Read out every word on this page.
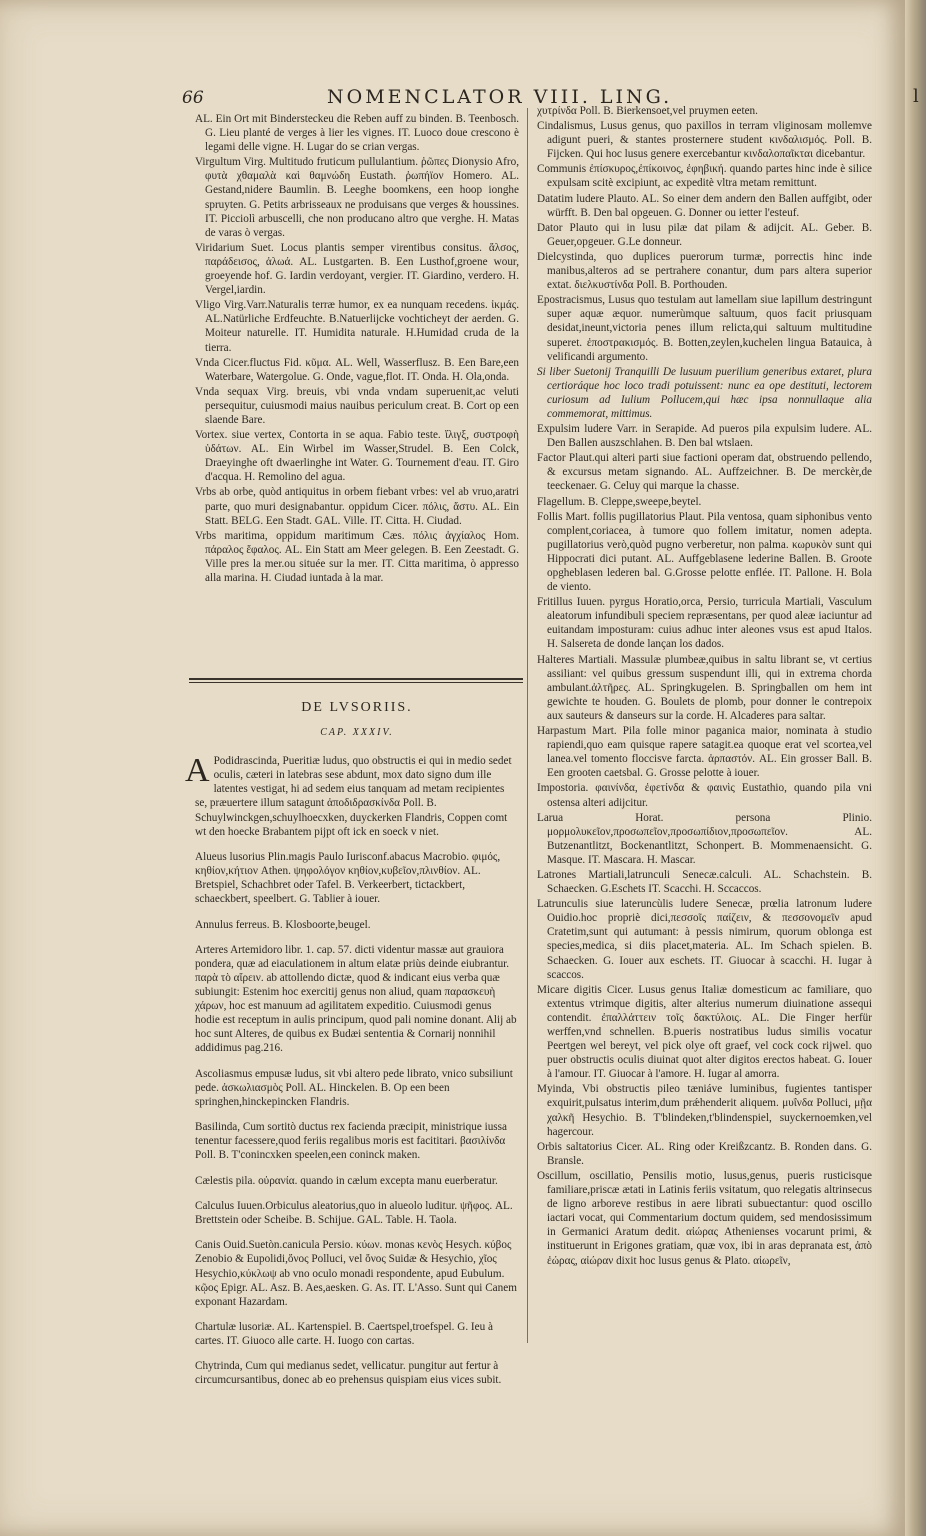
l
66	NOMENCLATOR VIII. LING.

AL. Ein Ort mit Bindersteckeu die Reben auff zu binden. B. Teenbosch. G. Lieu planté de verges à lier les vignes. IT. Luoco doue crescono è legami delle vigne. H. Lugar do se crian vergas.

Virgultum Virg. Multitudo fruticum pullulantium. ῥῶπες Dionysio Afro, φυτὰ χθαμαλὰ καὶ θαμνώδη Eustath. ῥωπήϊον Homero. AL. Gestand,nidere Baumlin. B. Leeghe boomkens, een hoop ionghe spruyten. G. Petits arbrisseaux ne produisans que verges & houssines. IT. Picciolì arbuscelli, che non producano altro que verghe. H. Matas de varas ò vergas.

Viridarium Suet. Locus plantis semper virentibus consitus. ἄλσος, παράδεισος, ἀλωά. AL. Lustgarten. B. Een Lusthof,groene wour, groeyende hof. G. Iardin verdoyant, vergier. IT. Giardino, verdero. H. Vergel,iardin.

Vligo Virg.Varr.Naturalis terræ humor, ex ea nunquam recedens. ἰκμάς. AL.Natürliche Erdfeuchte. B.Natuerlijcke vochticheyt der aerden. G. Moiteur naturelle. IT. Humidita naturale. H.Humidad cruda de la tierra.

Vnda Cicer.fluctus Fid. κῦμα. AL. Well, Wasserflusz. B. Een Bare,een Waterbare, Watergolue. G. Onde, vague,flot. IT. Onda. H. Ola,onda.

Vnda sequax Virg. breuis, vbi vnda vndam superuenit,ac veluti persequitur, cuiusmodi maius nauibus periculum creat. B. Cort op een slaende Bare.

Vortex. siue vertex, Contorta in se aqua. Fabio teste. ἴλιγξ, συστροφὴ ὑδάτων. AL. Ein Wirbel im Wasser,Strudel. B. Een Colck, Draeyinghe oft dwaerlinghe int Water. G. Tournement d'eau. IT. Giro d'acqua. H. Remolino del agua.

Vrbs ab orbe, quòd antiquitus in orbem fiebant vrbes: vel ab vruo,aratri parte, quo muri designabantur. oppidum Cicer. πόλις, ἄστυ. AL. Ein Statt. BELG. Een Stadt. GAL. Ville. IT. Citta. H. Ciudad.

Vrbs maritima, oppidum maritimum Cæs. πόλις ἀγχίαλος Hom. πάραλος ἔφαλος. AL. Ein Statt am Meer gelegen. B. Een Zeestadt. G. Ville pres la mer.ou située sur la mer. IT. Citta maritima, ò appresso alla marina. H. Ciudad iuntada à la mar.

DE LVSORIIS.
CAP. XXXIV.

A Podidrascinda, Pueritiæ ludus, quo obstructis ei qui in medio sedet oculis, cæteri in latebras sese abdunt, mox dato signo dum ille latentes vestigat, hi ad sedem eius tanquam ad metam recipientes se, præuertere illum satagunt ἀποδιδρασκίνδα Poll. B. Schuylwinckgen,schuylhoecxken, duyckerken Flandris, Coppen comt wt den hoecke Brabantem pijpt oft ick en soeck v niet.

Alueus lusorius Plin.magis Paulo Iurisconf.abacus Macrobio. φιμός, κηθίον,κήτιον Athen. ψηφολόγον κηθίον,κυβεῖον,πλινθίον. AL. Bretspiel, Schachbret oder Tafel. B. Verkeerbert, tictackbert, schaeckbert, speelbert. G. Tablier à iouer.

Annulus ferreus. B. Klosboorte,beugel.

Arteres Artemidoro libr. 1. cap. 57. dicti videntur massæ aut grauiora pondera, quæ ad eiaculationem in altum elatæ priùs deinde eiubrantur. παρὰ τὸ αἴρειν. ab attollendo dictæ, quod & indicant eius verba quæ subiungit: Estenim hoc exercitij genus non aliud, quam παρασκευὴ χάρων, hoc est manuum ad agilitatem expeditio. Cuiusmodi genus hodie est receptum in aulis principum, quod pali nomine donant. Alij ab hoc sunt Alteres, de quibus ex Budæi sententia & Cornarij nonnihil addidimus pag.216.

Ascoliasmus empusæ ludus, sit vbi altero pede librato, vnico subsiliunt pede. ἀσκωλιασμὸς Poll. AL. Hinckelen. B. Op een been springhen,hinckepincken Flandris.

Basilinda, Cum sortitò ductus rex facienda præcipit, ministrique iussa tenentur facessere,quod feriis regalibus moris est facititari. βασιλίνδα Poll. B. T'conincxken speelen,een coninck maken.

Cælestis pila. οὐρανία. quando in cælum excepta manu euerberatur.

Calculus Iuuen.Orbiculus aleatorius,quo in alueolo luditur. ψῆφος. AL. Brettstein oder Scheibe. B. Schijue. GAL. Table. H. Taola.

Canis Ouid.Suetòn.canicula Persio. κύων. monas κενὸς Hesych. κύβος Zenobio & Eupolidi,ὄνος Polluci, vel ὄνος Suidæ & Hesychio, χῖος Hesychio,κύκλωψ ab vno oculo monadi respondente, apud Eubulum. κῷος Epigr. AL. Asz. B. Aes,aesken. G. As. IT. L'Asso. Sunt qui Canem exponant Hazardam.

Chartulæ lusoriæ. AL. Kartenspiel. B. Caertspel,troefspel. G. Ieu à cartes. IT. Giuoco alle carte. H. Iuogo con cartas.

Chytrinda, Cum qui medianus sedet, vellicatur. pungitur aut fertur à circumcursantibus, donec ab eo prehensus quispiam eius vices subit.

χυτρίνδα Poll. B. Bierkensoet,vel pruymen eeten.

Cindalismus, Lusus genus, quo paxillos in terram vliginosam mollemve adigunt pueri, & stantes prosternere student κινδαλισμός. Poll. B. Fijcken. Qui hoc lusus genere exercebantur κινδαλοπαῖκται dicebantur.

Communis ἐπίσκυρος,ἐπίκοινος, ἐφηβική. quando partes hinc inde è silice expulsam scitè excipiunt, ac expeditè vltra metam remittunt.

Datatim ludere Plauto. AL. So einer dem andern den Ballen auffgibt, oder würfft. B. Den bal opgeuen. G. Donner ou ietter l'esteuf.

Dator Plauto qui in lusu pilæ dat pilam & adijcit. AL. Geber. B. Geuer,opgeuer. G.Le donneur.

Dielcystinda, quo duplices puerorum turmæ, porrectis hinc inde manibus,alteros ad se pertrahere conantur, dum pars altera superior extat. διελκυστίνδα Poll. B. Porthouden.

Epostracismus, Lusus quo testulam aut lamellam siue lapillum destringunt super aquæ æquor. numerùmque saltuum, quos facit priusquam desidat,ineunt,victoria penes illum relicta,qui saltuum multitudine superet. ἐποστρακισμός. B. Botten,zeylen,kuchelen lingua Batauica, à velificandi argumento.

Si liber Suetonij Tranquilli De lusuum puerilium generibus extaret, plura certioráque hoc loco tradi potuissent: nunc ea ope destituti, lectorem curiosum ad Iulium Pollucem,qui hæc ipsa nonnullaque alia commemorat, mittimus.

Expulsim ludere Varr. in Serapide. Ad pueros pila expulsim ludere. AL. Den Ballen auszschlahen. B. Den bal wtslaen.

Factor Plaut.qui alteri parti siue factioni operam dat, obstruendo pellendo, & excursus metam signando. AL. Auffzeichner. B. De merckèr,de teeckenaer. G. Celuy qui marque la chasse.

Flagellum. B. Cleppe,sweepe,beytel.

Follis Mart. follis pugillatorius Plaut. Pila ventosa, quam siphonibus vento complent,coriacea, à tumore quo follem imitatur, nomen adepta. pugillatorius verò,quòd pugno verberetur, non palma. κωρυκὸν sunt qui Hippocrati dici putant. AL. Auffgeblasene lederine Ballen. B. Groote opgheblasen lederen bal. G.Grosse pelotte enflée. IT. Pallone. H. Bola de viento.

Fritillus Iuuen. pyrgus Horatio,orca, Persio, turricula Martiali, Vasculum aleatorum infundibuli speciem repræsentans, per quod aleæ iaciuntur ad euitandam imposturam: cuius adhuc inter aleones vsus est apud Italos. H. Salsereta de donde lançan los dados.

Halteres Martiali. Massulæ plumbeæ,quibus in saltu librant se, vt certius assiliant: vel quibus gressum suspendunt illi, qui in extrema chorda ambulant.ἁλτῆρες. AL. Springkugelen. B. Springballen om hem int gewichte te houden. G. Boulets de plomb, pour donner le contrepoix aux sauteurs & danseurs sur la corde. H. Alcaderes para saltar.

Harpastum Mart. Pila folle minor paganica maior, nominata à studio rapiendi,quo eam quisque rapere satagit.ea quoque erat vel scortea,vel lanea.vel tomento floccisve farcta. ἁρπαστόν. AL. Ein grosser Ball. B. Een grooten caetsbal. G. Grosse pelotte à iouer.

Impostoria. φαινίνδα, ἐφετίνδα & φαινὶς Eustathio, quando pila vni ostensa alteri adijcitur.

Larua Horat. persona Plinio. μορμολυκεῖον,προσωπεῖον,προσωπίδιον,προσωπεῖον. AL. Butzenantlitzt, Bockenantlitzt, Schonpert. B. Mommenaensicht. G. Masque. IT. Mascara. H. Mascar.

Latrones Martiali,latrunculi Senecæ.calculi. AL. Schachstein. B. Schaecken. G.Eschets IT. Scacchi. H. Sccaccos.

Latrunculis siue lateruncùlis ludere Senecæ, prœlia latronum ludere Ouidio.hoc propriè dici,πεσσοῖς παίζειν, & πεσσονομεῖν apud Cratetim,sunt qui autumant: à pessis nimirum, quorum oblonga est species,medica, si diis placet,materia. AL. Im Schach spielen. B. Schaecken. G. Iouer aux eschets. IT. Giuocar à scacchi. H. Iugar à scaccos.

Micare digitis Cicer. Lusus genus Italiæ domesticum ac familiare, quo extentus vtrimque digitis, alter alterius numerum diuinatione assequi contendit. ἐπαλλάττειν τοῖς δακτύλοις. AL. Die Finger herfür werffen,vnd schnellen. B.pueris nostratibus ludus similis vocatur Peertgen wel bereyt, vel pick olye oft graef, vel cock cock rijwel. quo puer obstructis oculis diuinat quot alter digitos erectos habeat. G. Iouer à l'amour. IT. Giuocar à l'amore. H. Iugar al amorra.

Myinda, Vbi obstructis pileo tæniáve luminibus, fugientes tantisper exquirit,pulsatus interim,dum prǽhenderit aliquem. μυΐνδα Polluci, μῇα χαλκῆ Hesychio. B. T'blindeken,t'blindenspiel, suyckernoemken,vel hagercour.

Orbis saltatorius Cicer. AL. Ring oder Kreißzcantz. B. Ronden dans. G. Bransle.

Oscillum, oscillatio, Pensilis motio, lusus,genus, pueris rusticisque familiare,priscæ ætati in Latinis feriis vsitatum, quo relegatis altrinsecus de ligno arboreve restibus in aere librati subuectantur: quod oscillo iactari vocat, qui Commentarium doctum quidem, sed mendosissimum in Germanici Aratum dedit. αἰώρας Athenienses vocarunt primi, & instituerunt in Erigones gratiam, quæ vox, ibi in aras depranata est, ἀπὸ ἐώρας, αἰώραν dixit hoc lusus genus & Plato. αἰωρεῖν,
